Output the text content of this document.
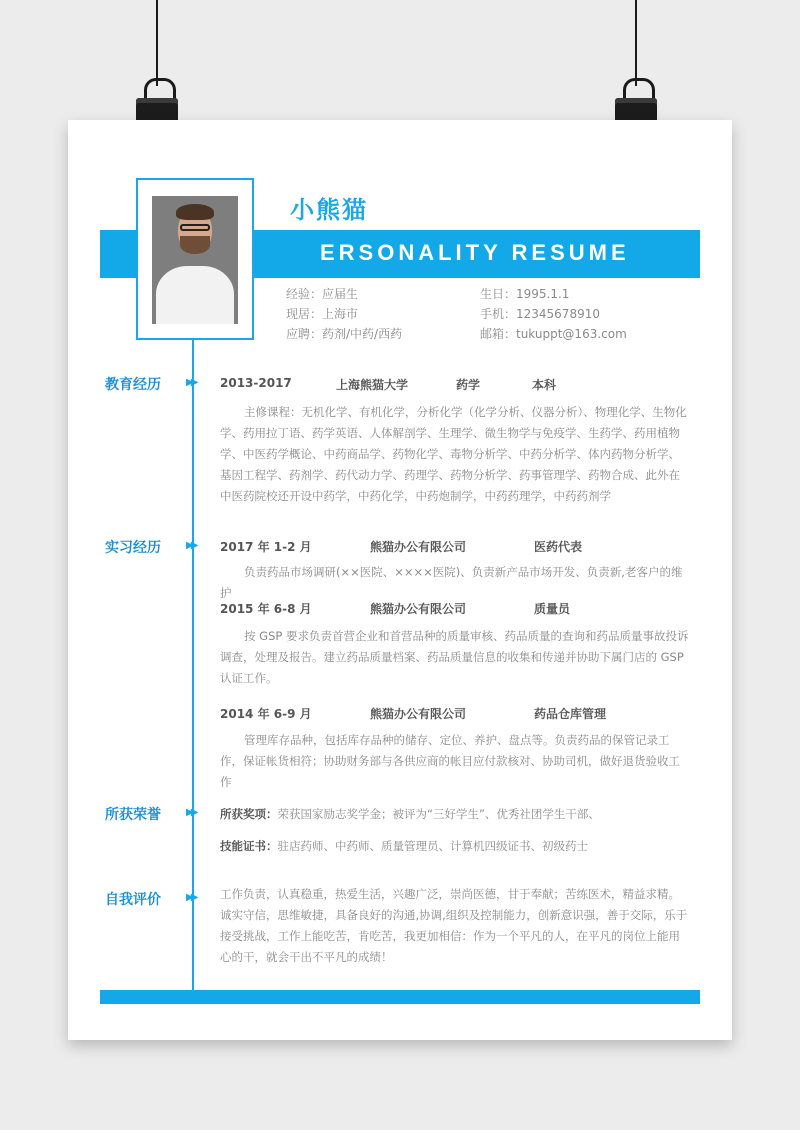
ERSONALITY RESUME
小熊猫
经验：应届生
现居：上海市
应聘：药剂/中药/西药
生日：1995.1.1
手机：12345678910
邮箱：tukuppt@163.com
教育经历	▶▶ 2013-2017	上海熊猫大学	药学	本科

主修课程：无机化学、有机化学，分析化学（化学分析、仪器分析）、物理化学、生物化学、药用拉丁语、药学英语、人体解剖学、生理学、微生物学与免疫学、生药学、药用植物学、中医药学概论、中药商品学、药物化学、毒物分析学、中药分析学、体内药物分析学、基因工程学、药剂学、药代动力学、药理学、药物分析学、药事管理学、药物合成、此外在中医药院校还开设中药学，中药化学，中药炮制学，中药药理学，中药药剂学

实习经历	▶▶ 2017 年 1-2 月	熊猫办公有限公司	医药代表

负责药品市场调研(××医院、××××医院)、负责新产品市场开发、负责新,老客户的维护

2015 年 6-8 月	熊猫办公有限公司	质量员

按 GSP 要求负责首营企业和首营品种的质量审核、药品质量的查询和药品质量事故投诉调查，处理及报告。建立药品质量档案、药品质量信息的收集和传递并协助下属门店的 GSP 认证工作。

2014 年 6-9 月	熊猫办公有限公司	药品仓库管理

管理库存品种，包括库存品种的储存、定位、养护、盘点等。负责药品的保管记录工作，保证帐货相符；协助财务部与各供应商的帐目应付款核对、协助司机，做好退货验收工作

所获荣誉	▶▶ 所获奖项：荣获国家励志奖学金；被评为“三好学生”、优秀社团学生干部、
技能证书：驻店药师、中药师、质量管理员、计算机四级证书、初级药士
自我评价	▶▶ 工作负责，认真稳重，热爱生活，兴趣广泛，崇尚医德，甘于奉献；苦练医术，精益求精。诚实守信，思维敏捷，具备良好的沟通,协调,组织及控制能力，创新意识强，善于交际，乐于接受挑战，工作上能吃苦，肯吃苦，我更加相信：作为一个平凡的人，在平凡的岗位上能用心的干，就会干出不平凡的成绩！
